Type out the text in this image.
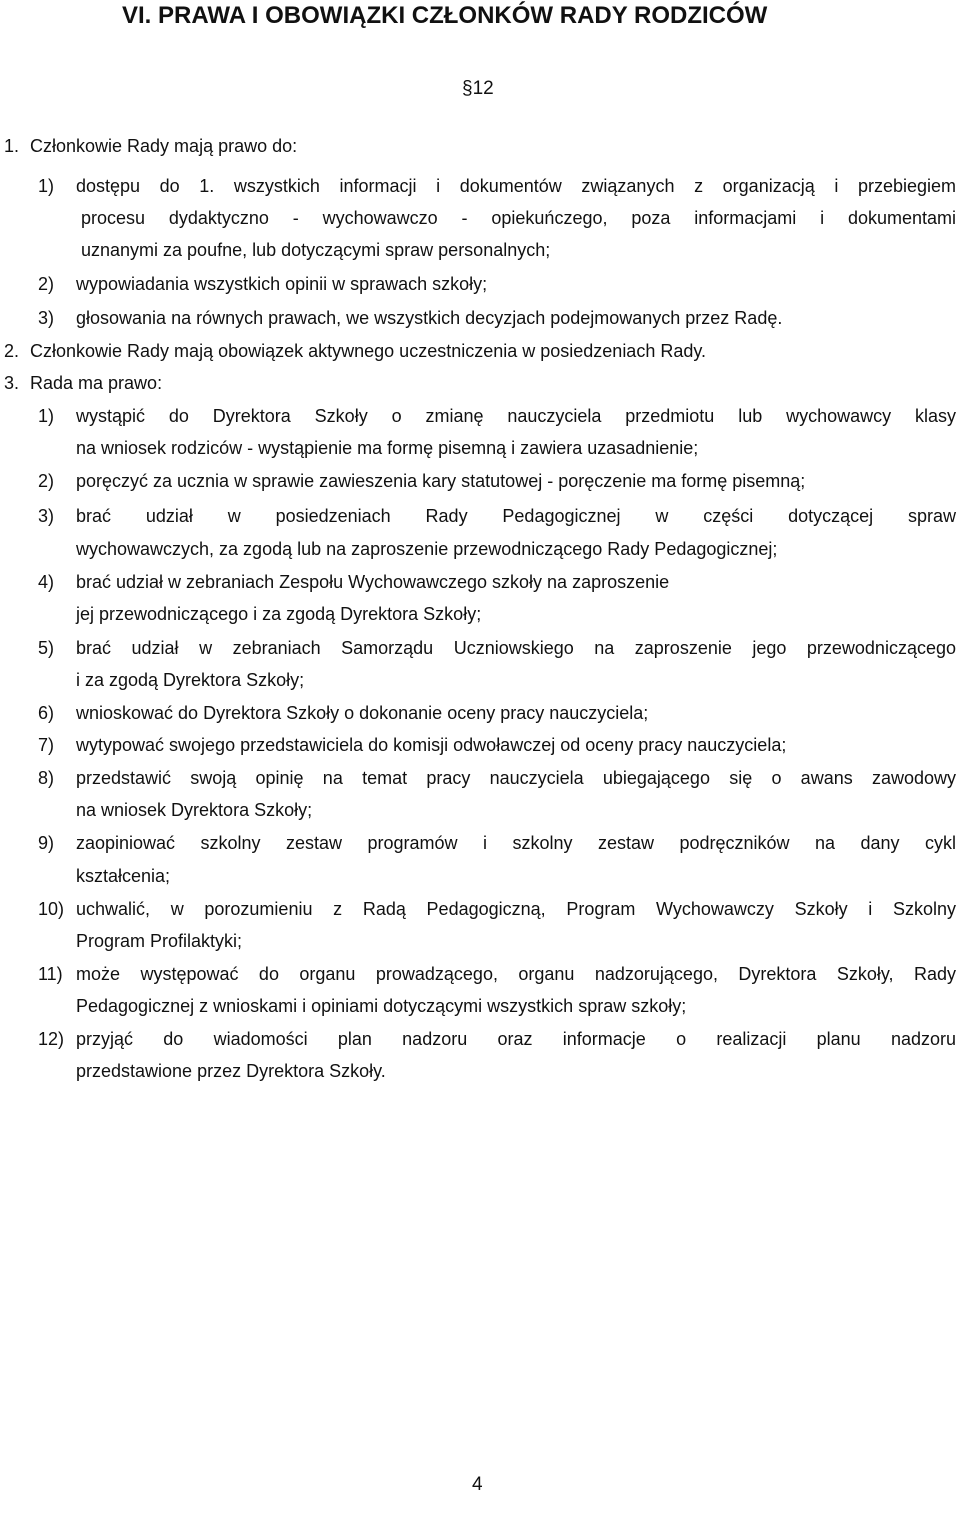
VI. PRAWA I OBOWIĄZKI CZŁONKÓW RADY RODZICÓW
§12
1. Członkowie Rady mają prawo do:
1) dostępu do 1. wszystkich informacji i dokumentów związanych z organizacją i przebiegiem
procesu dydaktyczno - wychowawczo - opiekuńczego, poza informacjami i dokumentami
uznanymi za poufne, lub dotyczącymi spraw personalnych;
2) wypowiadania wszystkich opinii w sprawach szkoły;
3) głosowania na równych prawach, we wszystkich decyzjach podejmowanych przez Radę.
2. Członkowie Rady mają obowiązek aktywnego uczestniczenia w posiedzeniach Rady.
3. Rada ma prawo:
1) wystąpić do Dyrektora Szkoły o zmianę nauczyciela przedmiotu lub wychowawcy klasy
na wniosek rodziców - wystąpienie ma formę pisemną i zawiera uzasadnienie;
2) poręczyć za ucznia w sprawie zawieszenia kary statutowej - poręczenie ma formę pisemną;
3) brać udział w posiedzeniach Rady Pedagogicznej w części dotyczącej spraw
wychowawczych, za zgodą lub na zaproszenie przewodniczącego Rady Pedagogicznej;
4) brać udział w zebraniach Zespołu Wychowawczego szkoły na zaproszenie
jej przewodniczącego i za zgodą Dyrektora Szkoły;
5) brać udział w zebraniach Samorządu Uczniowskiego na zaproszenie jego przewodniczącego
i za zgodą Dyrektora Szkoły;
6) wnioskować do Dyrektora Szkoły o dokonanie oceny pracy nauczyciela;
7) wytypować swojego przedstawiciela do komisji odwoławczej od oceny pracy nauczyciela;
8) przedstawić swoją opinię na temat pracy nauczyciela ubiegającego się o awans zawodowy
na wniosek Dyrektora Szkoły;
9) zaopiniować szkolny zestaw programów i szkolny zestaw podręczników na dany cykl
kształcenia;
10) uchwalić, w porozumieniu z Radą Pedagogiczną, Program Wychowawczy Szkoły i Szkolny
Program Profilaktyki;
11) może występować do organu prowadzącego, organu nadzorującego, Dyrektora Szkoły, Rady
Pedagogicznej z wnioskami i opiniami dotyczącymi wszystkich spraw szkoły;
12) przyjąć do wiadomości plan nadzoru oraz informacje o realizacji planu nadzoru
przedstawione przez Dyrektora Szkoły.
4
